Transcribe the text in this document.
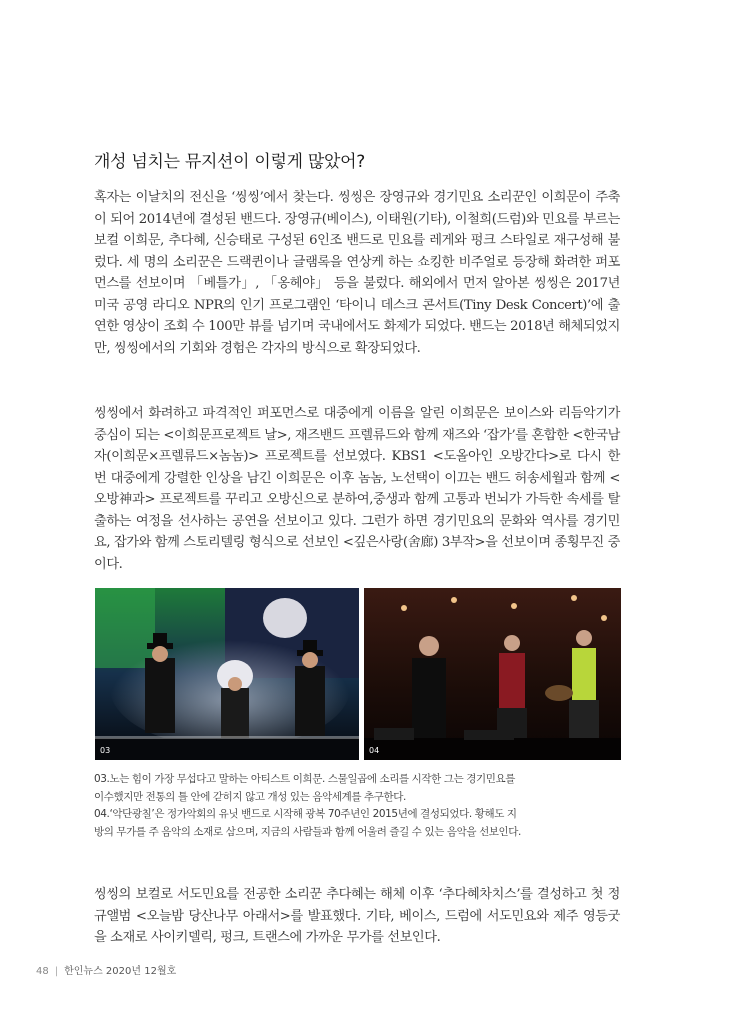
개성 넘치는 뮤지션이 이렇게 많았어?
혹자는 이날치의 전신을 ‘씽씽’에서 찾는다. 씽씽은 장영규와 경기민요 소리꾼인 이희문이 주축이 되어 2014년에 결성된 밴드다. 장영규(베이스), 이태원(기타), 이철희(드럼)와 민요를 부르는 보컬 이희문, 추다혜, 신승태로 구성된 6인조 밴드로 민요를 레게와 펑크 스타일로 재구성해 불렀다. 세 명의 소리꾼은 드랙퀸이나 글램록을 연상케 하는 쇼킹한 비주얼로 등장해 화려한 퍼포먼스를 선보이며 「베틀가」, 「옹헤야」 등을 불렀다. 해외에서 먼저 알아본 씽씽은 2017년 미국 공영 라디오 NPR의 인기 프로그램인 ‘타이니 데스크 콘서트(Tiny Desk Concert)’에 출연한 영상이 조회 수 100만 뷰를 넘기며 국내에서도 화제가 되었다. 밴드는 2018년 해체되었지만, 씽씽에서의 기회와 경험은 각자의 방식으로 확장되었다.
씽씽에서 화려하고 파격적인 퍼포먼스로 대중에게 이름을 알린 이희문은 보이스와 리듬악기가 중심이 되는 <이희문프로젝트 날>, 재즈밴드 프렐류드와 함께 재즈와 ‘잡가’를 혼합한 <한국남자(이희문×프렐류드×놈놈)> 프로젝트를 선보였다. KBS1 <도올아인 오방간다>로 다시 한 번 대중에게 강렬한 인상을 남긴 이희문은 이후 놈놈, 노선택이 이끄는 밴드 허송세월과 함께 <오방神과> 프로젝트를 꾸리고 오방신으로 분하여,중생과 함께 고통과 번뇌가 가득한 속세를 탈출하는 여정을 선사하는 공연을 선보이고 있다. 그런가 하면 경기민요의 문화와 역사를 경기민요, 잡가와 함께 스토리텔링 형식으로 선보인 <깊은사랑(舍廊) 3부작>을 선보이며 종횡무진 중이다.
03	04
03.노는 힘이 가장 무섭다고 말하는 아티스트 이희문. 스물일곱에 소리를 시작한 그는 경기민요를
이수했지만 전통의 틀 안에 갇히지 않고 개성 있는 음악세계를 추구한다.
04.‘악단광칠’은 정가악회의 유닛 밴드로 시작해 광복 70주년인 2015년에 결성되었다. 황해도 지
방의 무가를 주 음악의 소재로 삼으며, 지금의 사람들과 함께 어울려 즐길 수 있는 음악을 선보인다.
씽씽의 보컬로 서도민요를 전공한 소리꾼 추다혜는 해체 이후 ‘추다혜차치스’를 결성하고 첫 정규앨범 <오늘밤 당산나무 아래서>를 발표했다. 기타, 베이스, 드럼에 서도민요와 제주 영등굿을 소재로 사이키델릭, 펑크, 트랜스에 가까운 무가를 선보인다.
48 | 한인뉴스 2020년 12월호
